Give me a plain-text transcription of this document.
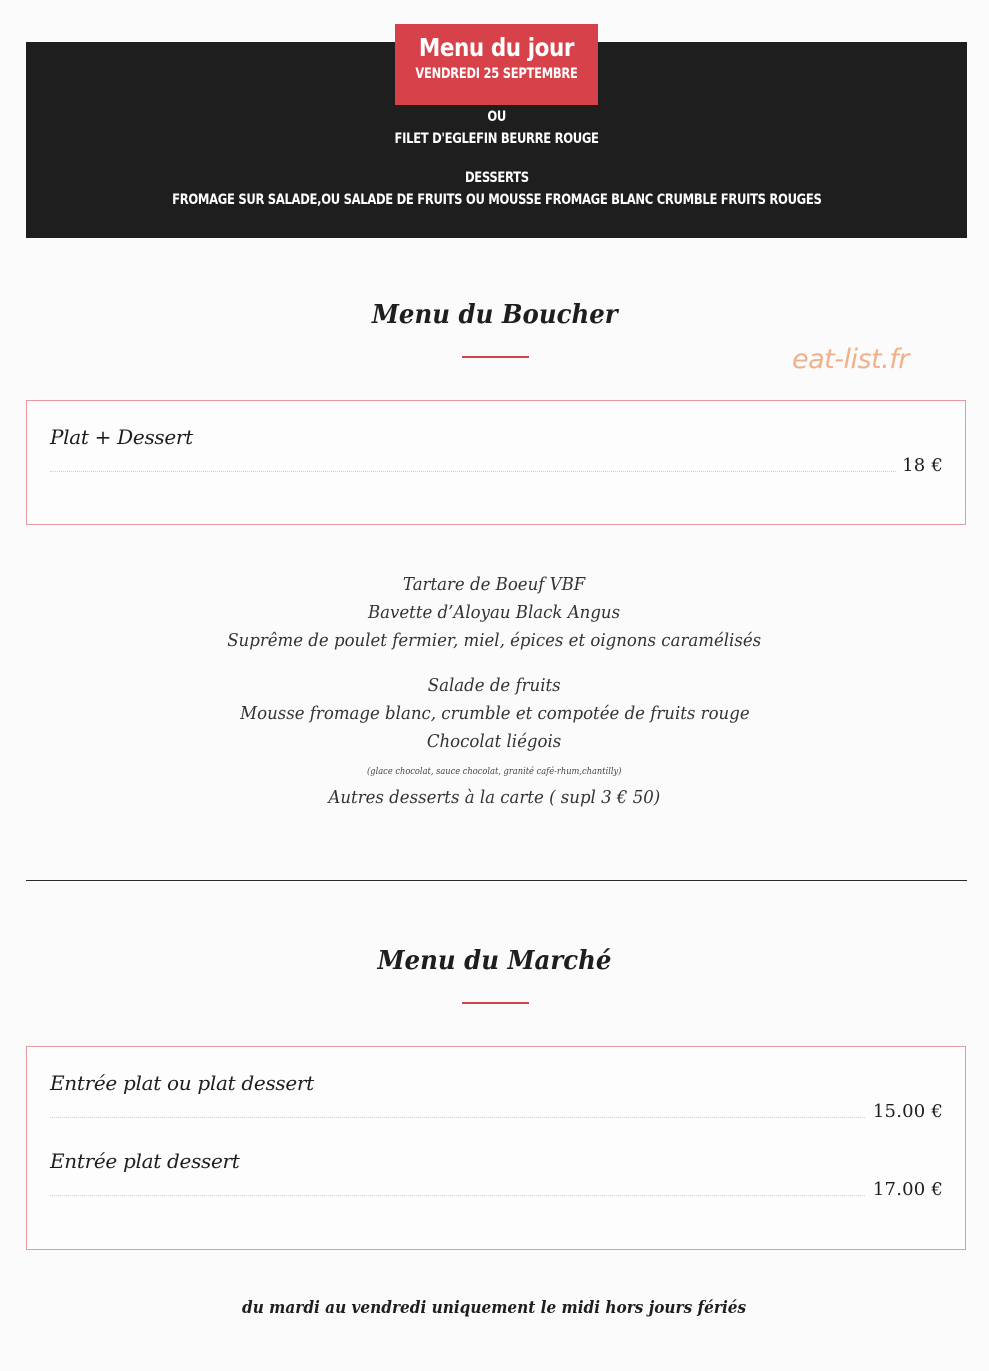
Menu du jour
VENDREDI 25 SEPTEMBRE
OU
FILET D'EGLEFIN BEURRE ROUGE
DESSERTS
FROMAGE SUR SALADE,OU SALADE DE FRUITS OU MOUSSE FROMAGE BLANC CRUMBLE FRUITS ROUGES
Menu du Boucher
eat-list.fr
Plat + Dessert
18 €
Tartare de Boeuf VBF
Bavette d’Aloyau Black Angus
Suprême de poulet fermier, miel, épices et oignons caramélisés
Salade de fruits
Mousse fromage blanc, crumble et compotée de fruits rouge
Chocolat liégois
(glace chocolat, sauce chocolat, granité café-rhum,chantilly)
Autres desserts à la carte ( supl 3 € 50)
Menu du Marché
Entrée plat ou plat dessert
15.00 €
Entrée plat dessert
17.00 €
du mardi au vendredi uniquement le midi hors jours fériés
